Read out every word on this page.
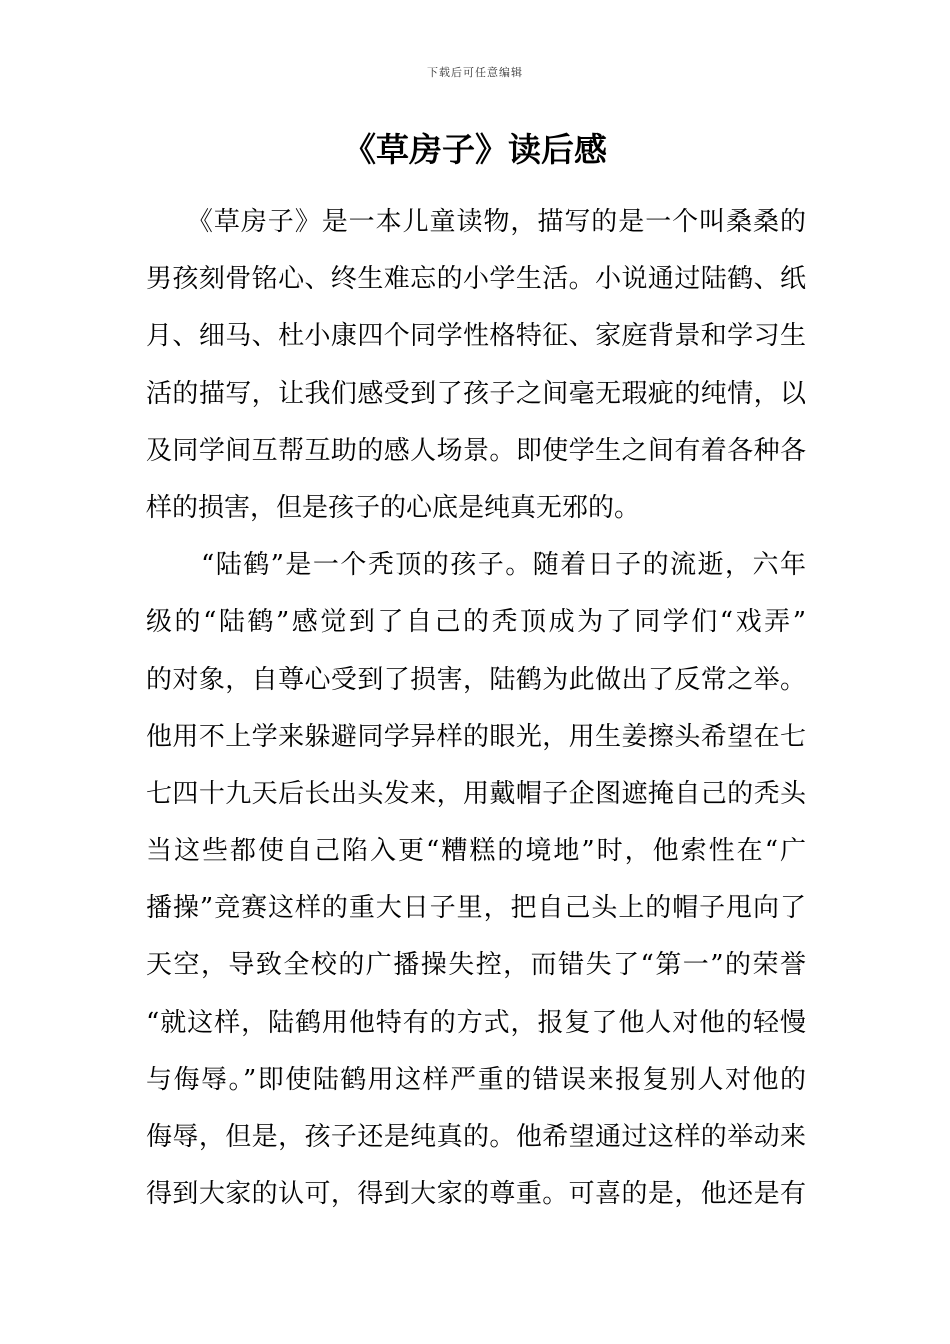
下载后可任意编辑
《草房子》读后感

　　《草房子》是一本儿童读物，描写的是一个叫桑桑的
男孩刻骨铭心、终生难忘的小学生活。小说通过陆鹤、纸
月、细马、杜小康四个同学性格特征、家庭背景和学习生
活的描写，让我们感受到了孩子之间毫无瑕疵的纯情，以
及同学间互帮互助的感人场景。即使学生之间有着各种各
样的损害，但是孩子的心底是纯真无邪的。

　　“陆鹤”是一个秃顶的孩子。随着日子的流逝，六年
级的“陆鹤”感觉到了自己的秃顶成为了同学们“戏弄”
的对象，自尊心受到了损害，陆鹤为此做出了反常之举。
他用不上学来躲避同学异样的眼光，用生姜擦头希望在七
七四十九天后长出头发来，用戴帽子企图遮掩自己的秃头
当这些都使自己陷入更“糟糕的境地”时，他索性在“广
播操”竞赛这样的重大日子里，把自己头上的帽子甩向了
天空，导致全校的广播操失控，而错失了“第一”的荣誉
“就这样，陆鹤用他特有的方式，报复了他人对他的轻慢
与侮辱。”即使陆鹤用这样严重的错误来报复别人对他的
侮辱，但是，孩子还是纯真的。他希望通过这样的举动来
得到大家的认可，得到大家的尊重。可喜的是，他还是有
